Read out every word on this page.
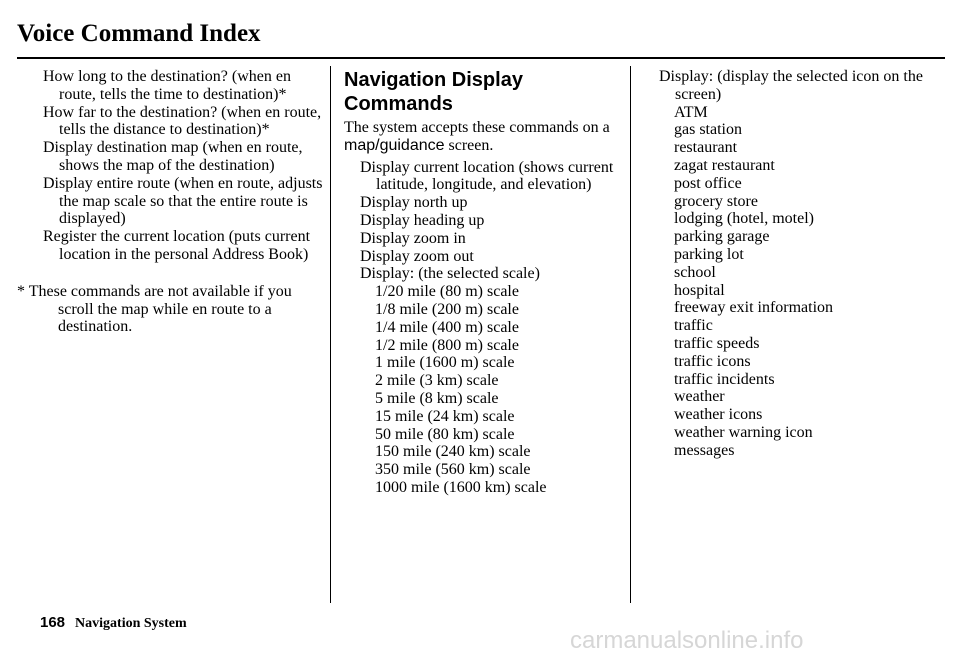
Voice Command Index
How long to the destination? (when en route, tells the time to destination)*
How far to the destination? (when en route, tells the distance to destination)*
Display destination map (when en route, shows the map of the destination)
Display entire route (when en route, adjusts the map scale so that the entire route is displayed)
Register the current location (puts current location in the personal Address Book)

* These commands are not available if you scroll the map while en route to a destination.

Navigation Display Commands

The system accepts these commands on a map/guidance screen.

Display current location (shows current latitude, longitude, and elevation)
Display north up
Display heading up
Display zoom in
Display zoom out
Display: (the selected scale)
1/20 mile (80 m) scale
1/8 mile (200 m) scale
1/4 mile (400 m) scale
1/2 mile (800 m) scale
1 mile (1600 m) scale
2 mile (3 km) scale
5 mile (8 km) scale
15 mile (24 km) scale
50 mile (80 km) scale
150 mile (240 km) scale
350 mile (560 km) scale
1000 mile (1600 km) scale

Display: (display the selected icon on the screen)

ATM
gas station
restaurant
zagat restaurant
post office
grocery store
lodging (hotel, motel)
parking garage
parking lot
school
hospital
freeway exit information
traffic
traffic speeds
traffic icons
traffic incidents
weather
weather icons
weather warning icon
messages
168 Navigation System
carmanualsonline.info
